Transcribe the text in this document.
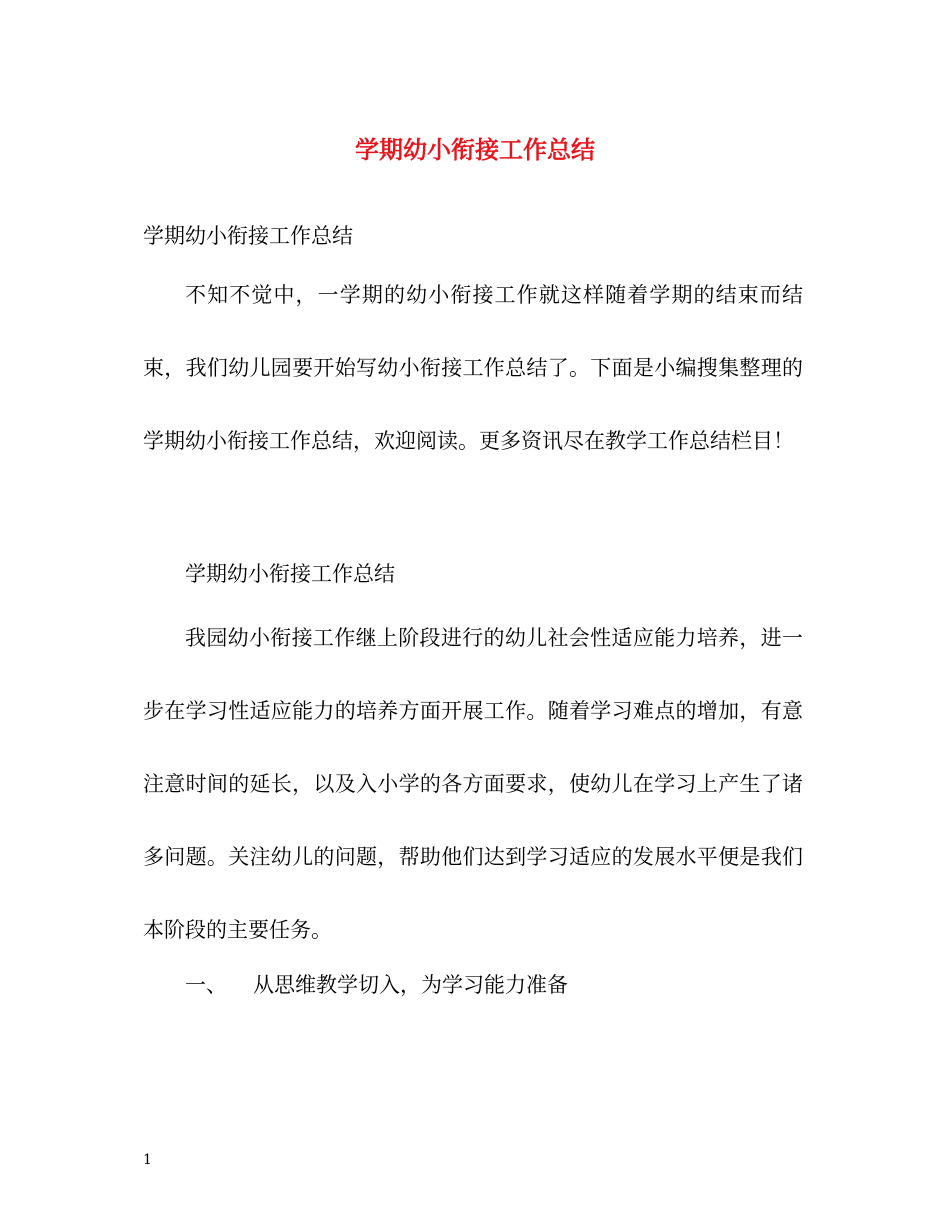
学期幼小衔接工作总结

学期幼小衔接工作总结

不知不觉中，一学期的幼小衔接工作就这样随着学期的结束而结束，我们幼儿园要开始写幼小衔接工作总结了。下面是小编搜集整理的学期幼小衔接工作总结，欢迎阅读。更多资讯尽在教学工作总结栏目！

学期幼小衔接工作总结

我园幼小衔接工作继上阶段进行的幼儿社会性适应能力培养，进一步在学习性适应能力的培养方面开展工作。随着学习难点的增加，有意注意时间的延长，以及入小学的各方面要求，使幼儿在学习上产生了诸多问题。关注幼儿的问题，帮助他们达到学习适应的发展水平便是我们本阶段的主要任务。

一、 从思维教学切入，为学习能力准备

1
